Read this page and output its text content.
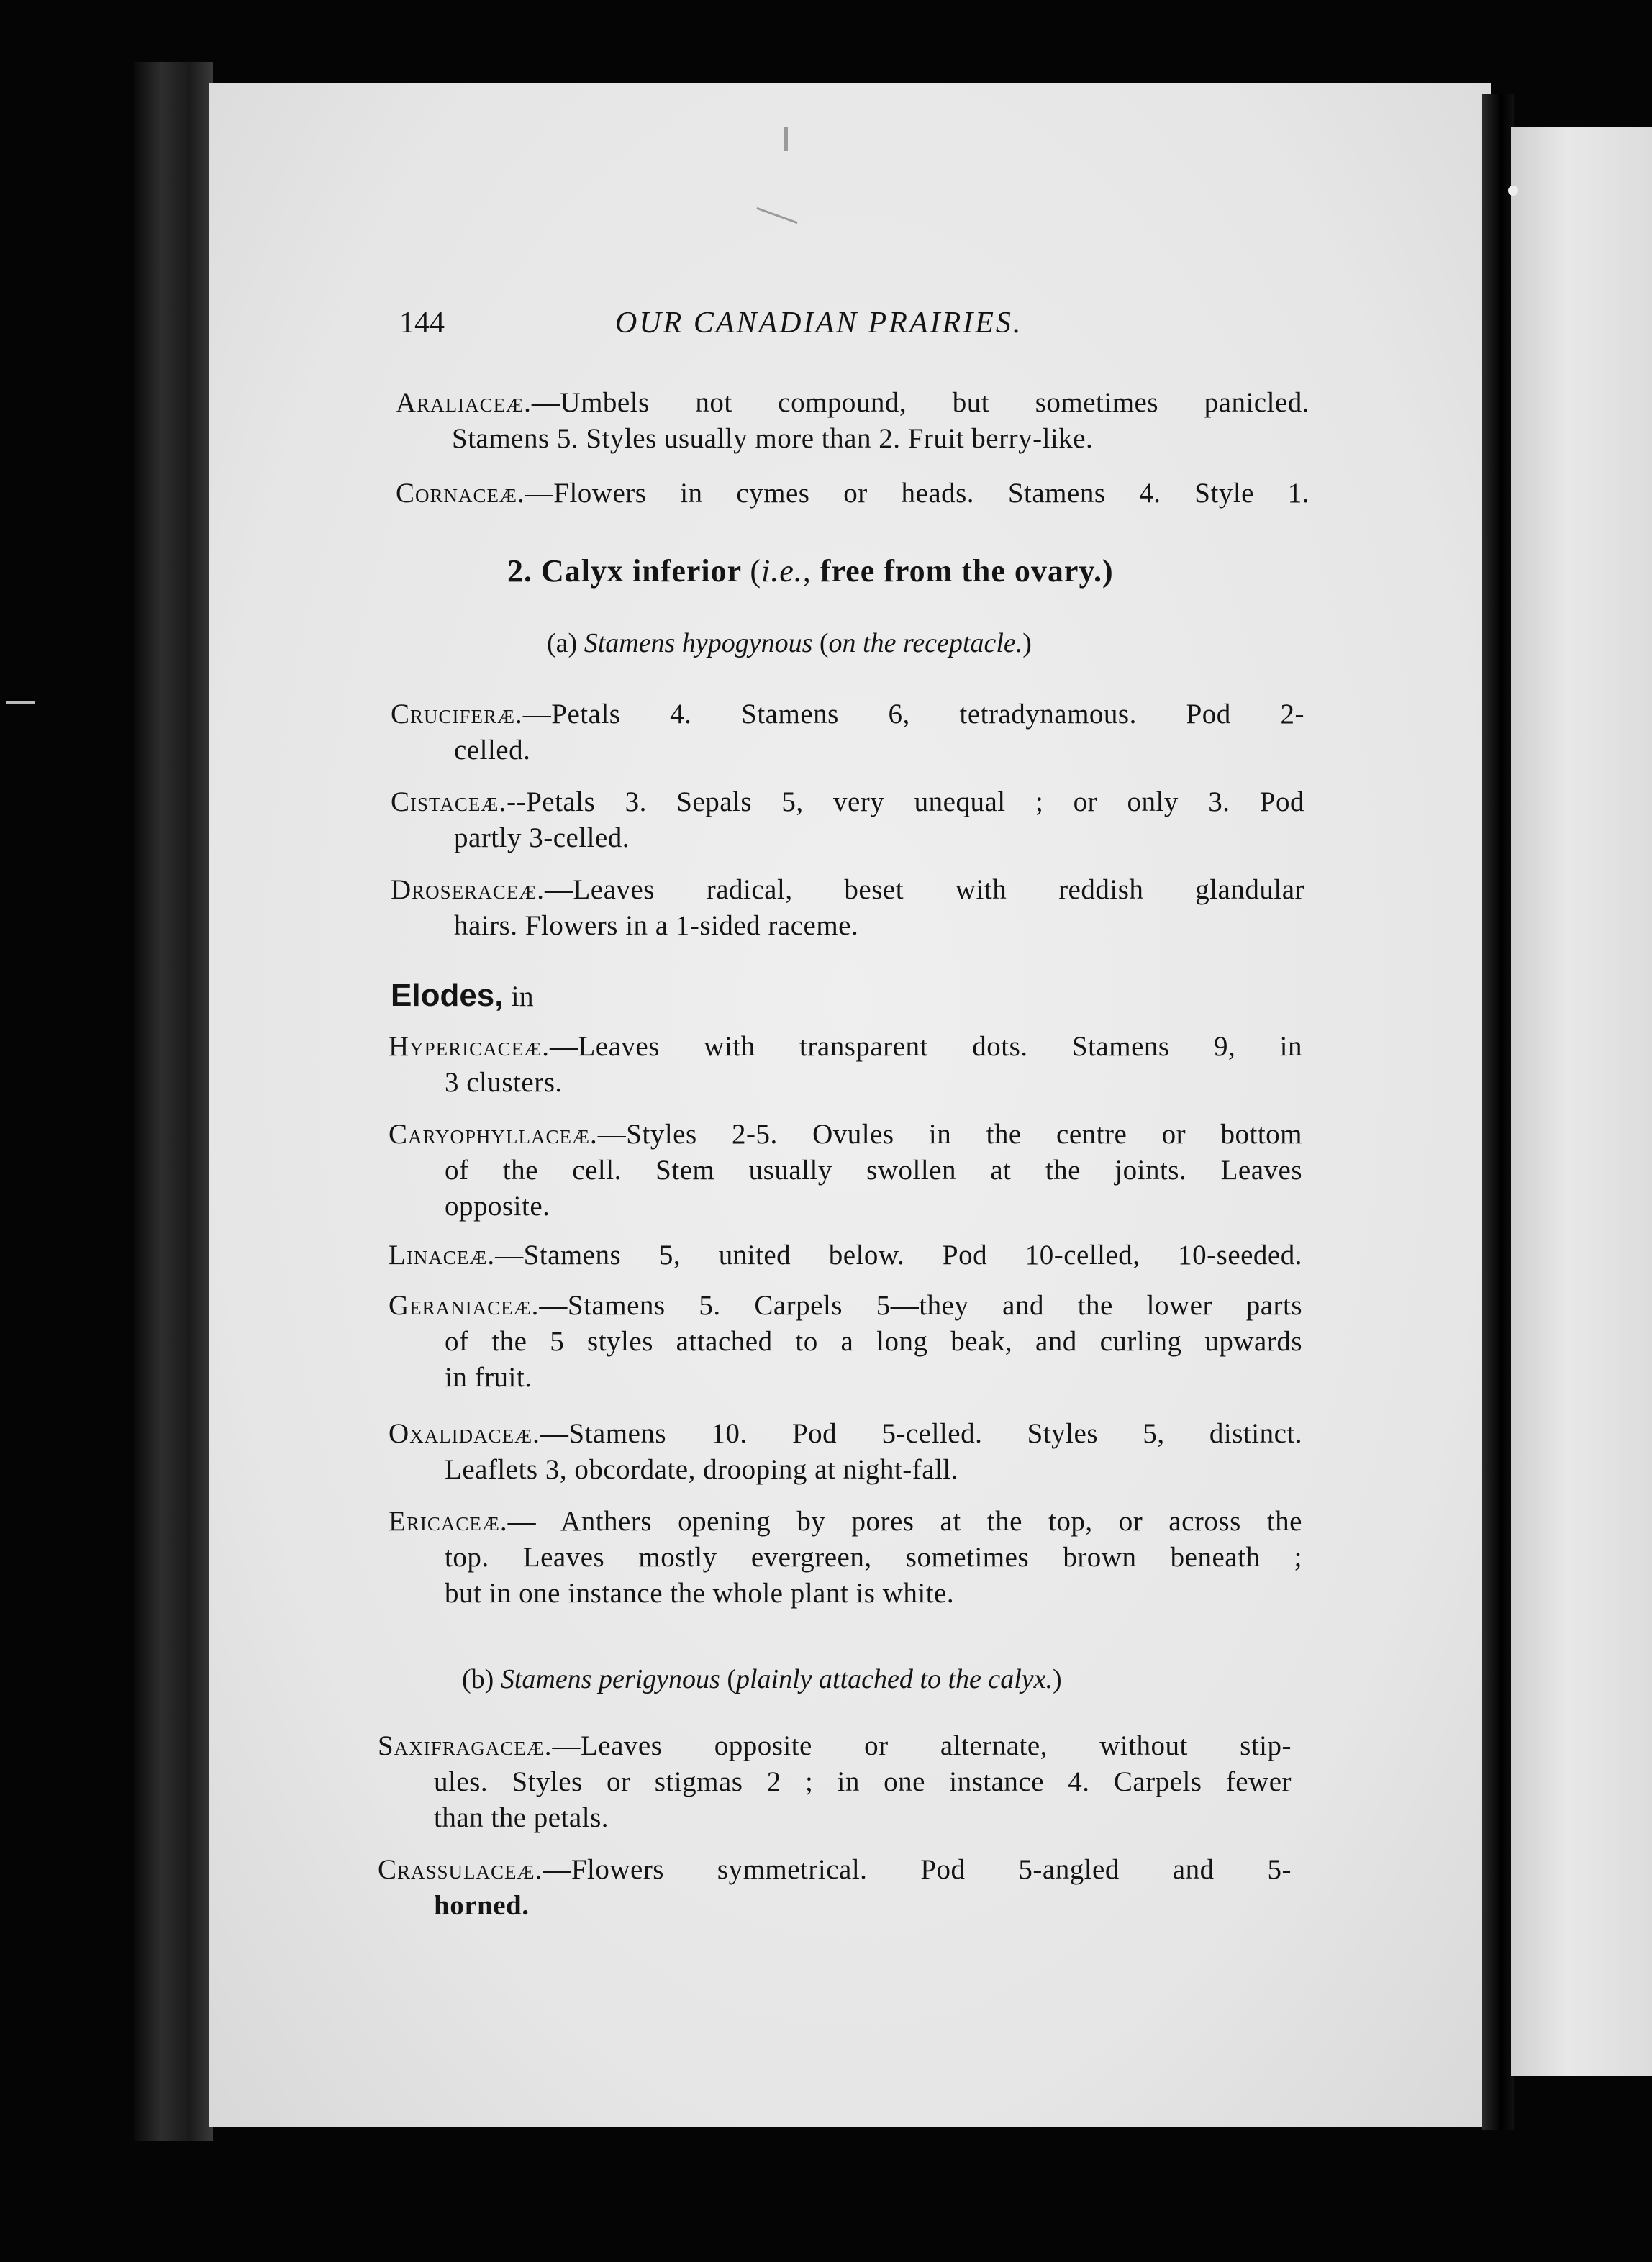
144	OUR CANADIAN PRAIRIES.
Araliaceæ.—Umbels not compound, but sometimes panicled.
Stamens 5. Styles usually more than 2. Fruit berry-like.
Cornaceæ.—Flowers in cymes or heads. Stamens 4. Style 1.
2. Calyx inferior (i.e., free from the ovary.)
(a) Stamens hypogynous (on the receptacle.)
Cruciferæ.—Petals 4. Stamens 6, tetradynamous. Pod 2-
celled.
Cistaceæ.--Petals 3. Sepals 5, very unequal ; or only 3. Pod
partly 3-celled.
Droseraceæ.—Leaves radical, beset with reddish glandular
hairs. Flowers in a 1-sided raceme.
Elodes, in
Hypericaceæ.—Leaves with transparent dots. Stamens 9, in
3 clusters.
Caryophyllaceæ.—Styles 2-5. Ovules in the centre or bottom
of the cell. Stem usually swollen at the joints. Leaves
opposite.
Linaceæ.—Stamens 5, united below. Pod 10-celled, 10-seeded.
Geraniaceæ.—Stamens 5. Carpels 5—they and the lower parts
of the 5 styles attached to a long beak, and curling upwards
in fruit.
Oxalidaceæ.—Stamens 10. Pod 5-celled. Styles 5, distinct.
Leaflets 3, obcordate, drooping at night-fall.
Ericaceæ.— Anthers opening by pores at the top, or across the
top. Leaves mostly evergreen, sometimes brown beneath ;
but in one instance the whole plant is white.
(b) Stamens perigynous (plainly attached to the calyx.)
Saxifragaceæ.—Leaves opposite or alternate, without stip-
ules. Styles or stigmas 2 ; in one instance 4. Carpels fewer
than the petals.
Crassulaceæ.—Flowers symmetrical. Pod 5-angled and 5-
horned.
